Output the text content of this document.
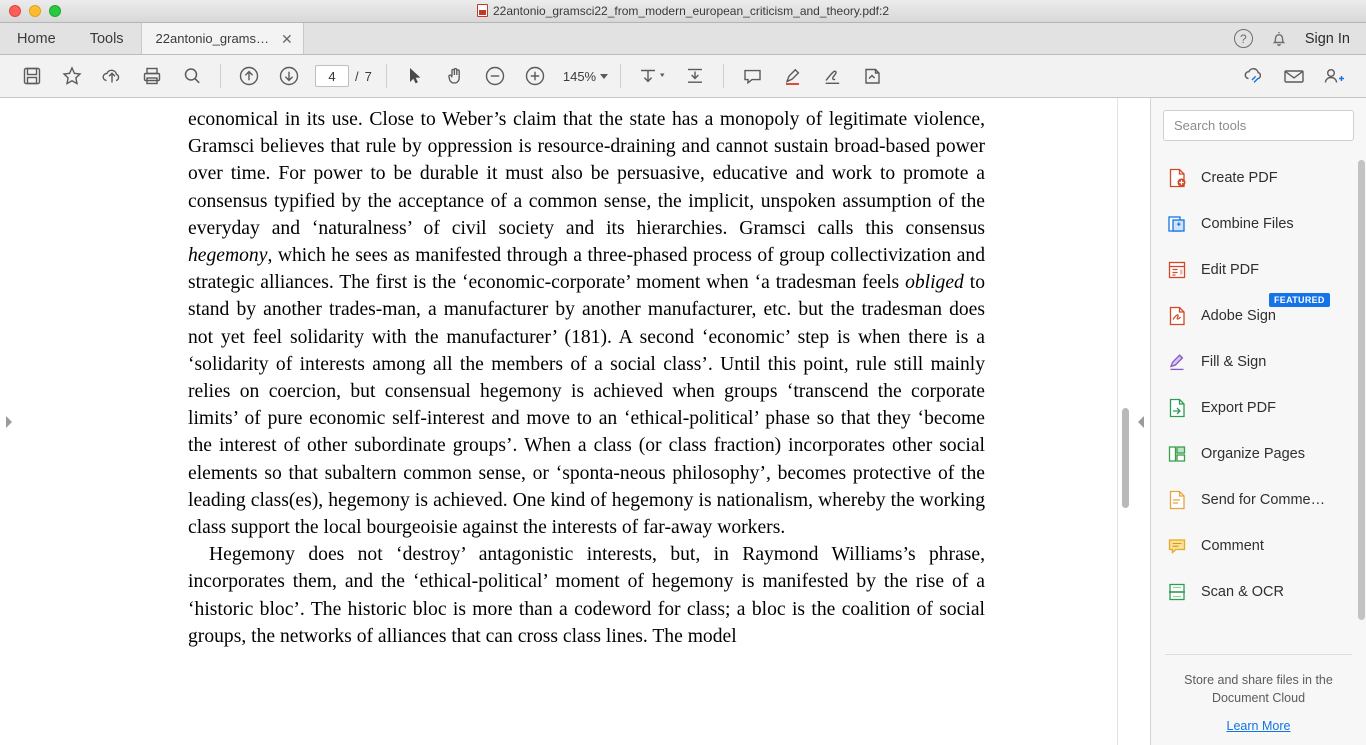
22antonio_gramsci22_from_modern_european_criticism_and_theory.pdf:2
Home	Tools	22antonio_grams… ✕	?	Sign In
4
/ 7	145%

economical in its use. Close to Weber’s claim that the state has a monopoly of legitimate violence, Gramsci believes that rule by oppression is resource-draining and cannot sustain broad-based power over time. For power to be durable it must also be persuasive, educative and work to promote a consensus typified by the acceptance of a common sense, the implicit, unspoken assumption of the everyday and ‘naturalness’ of civil society and its hierarchies. Gramsci calls this consensus hegemony, which he sees as manifested through a three-phased process of group collectivization and strategic alliances. The first is the ‘economic-corporate’ moment when ‘a tradesman feels obliged to stand by another trades-man, a manufacturer by another manufacturer, etc. but the tradesman does not yet feel solidarity with the manufacturer’ (181). A second ‘economic’ step is when there is a ‘solidarity of interests among all the members of a social class’. Until this point, rule still mainly relies on coercion, but consensual hegemony is achieved when groups ‘transcend the corporate limits’ of pure economic self-interest and move to an ‘ethical-political’ phase so that they ‘become the interest of other subordinate groups’. When a class (or class fraction) incorporates other social elements so that subaltern common sense, or ‘sponta-neous philosophy’, becomes protective of the leading class(es), hegemony is achieved. One kind of hegemony is nationalism, whereby the working class support the local bourgeoisie against the interests of far-away workers.

Hegemony does not ‘destroy’ antagonistic interests, but, in Raymond Williams’s phrase, incorporates them, and the ‘ethical-political’ moment of hegemony is manifested by the rise of a ‘historic bloc’. The historic bloc is more than a codeword for class; a bloc is the coalition of social groups, the networks of alliances that can cross class lines. The model

Search tools
Create PDF
Combine Files
Edit PDF
FEATURED
Adobe Sign
Fill & Sign
Export PDF
Organize Pages
Send for Comme…
Comment
Scan & OCR
Store and share files in the Document Cloud
Learn More
